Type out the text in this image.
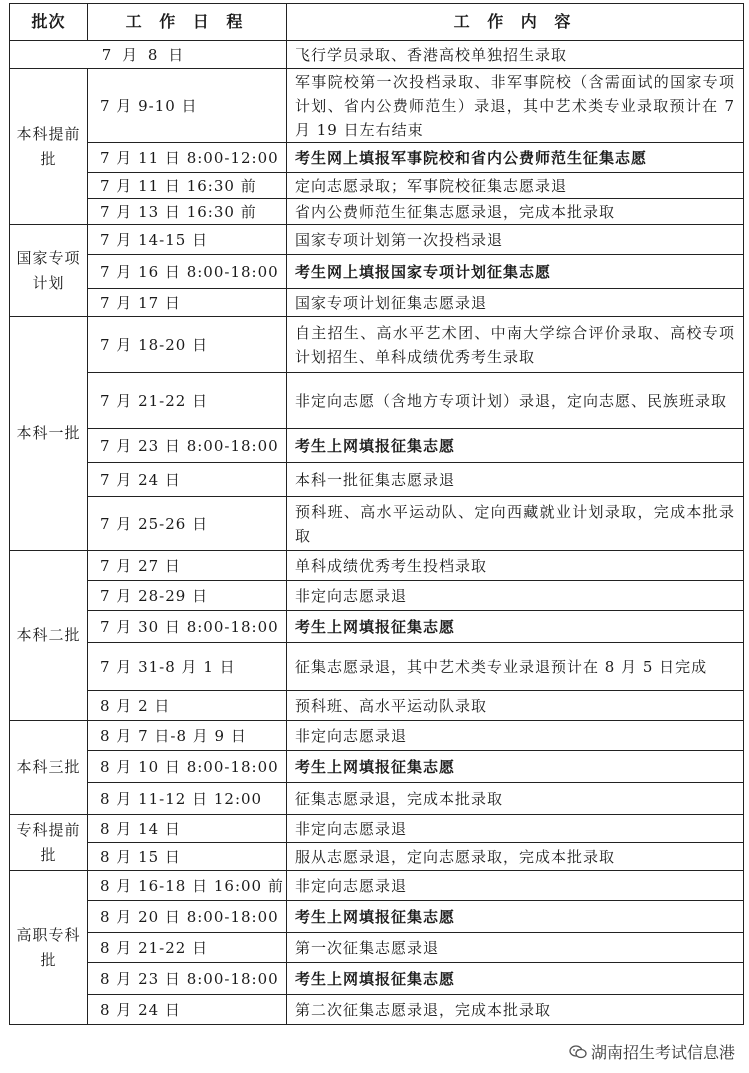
批次	工 作 日 程	工 作 内 容
7 月 8 日		飞行学员录取、香港高校单独招生录取
本科提前批	7 月 9-10 日	军事院校第一次投档录取、非军事院校（含需面试的国家专项计划、省内公费师范生）录退，其中艺术类专业录取预计在 7 月 19 日左右结束
	7 月 11 日 8:00-12:00	考生网上填报军事院校和省内公费师范生征集志愿
	7 月 11 日 16:30 前	定向志愿录取；军事院校征集志愿录退
	7 月 13 日 16:30 前	省内公费师范生征集志愿录退，完成本批录取
国家专项计划	7 月 14-15 日	国家专项计划第一次投档录退
	7 月 16 日 8:00-18:00	考生网上填报国家专项计划征集志愿
	7 月 17 日	国家专项计划征集志愿录退
本科一批	7 月 18-20 日	自主招生、高水平艺术团、中南大学综合评价录取、高校专项计划招生、单科成绩优秀考生录取
	7 月 21-22 日	非定向志愿（含地方专项计划）录退，定向志愿、民族班录取
	7 月 23 日 8:00-18:00	考生上网填报征集志愿
	7 月 24 日	本科一批征集志愿录退
	7 月 25-26 日	预科班、高水平运动队、定向西藏就业计划录取，完成本批录取
本科二批	7 月 27 日	单科成绩优秀考生投档录取
	7 月 28-29 日	非定向志愿录退
	7 月 30 日 8:00-18:00	考生上网填报征集志愿
	7 月 31-8 月 1 日	征集志愿录退，其中艺术类专业录退预计在 8 月 5 日完成
	8 月 2 日	预科班、高水平运动队录取
本科三批	8 月 7 日-8 月 9 日	非定向志愿录退
	8 月 10 日 8:00-18:00	考生上网填报征集志愿
	8 月 11-12 日 12:00	征集志愿录退，完成本批录取
专科提前批	8 月 14 日	非定向志愿录退
	8 月 15 日	服从志愿录退，定向志愿录取，完成本批录取
高职专科 批	8 月 16-18 日 16:00 前	非定向志愿录退
	8 月 20 日 8:00-18:00	考生上网填报征集志愿
	8 月 21-22 日	第一次征集志愿录退
	8 月 23 日 8:00-18:00	考生上网填报征集志愿
	8 月 24 日	第二次征集志愿录退，完成本批录取
湖南招生考试信息港
